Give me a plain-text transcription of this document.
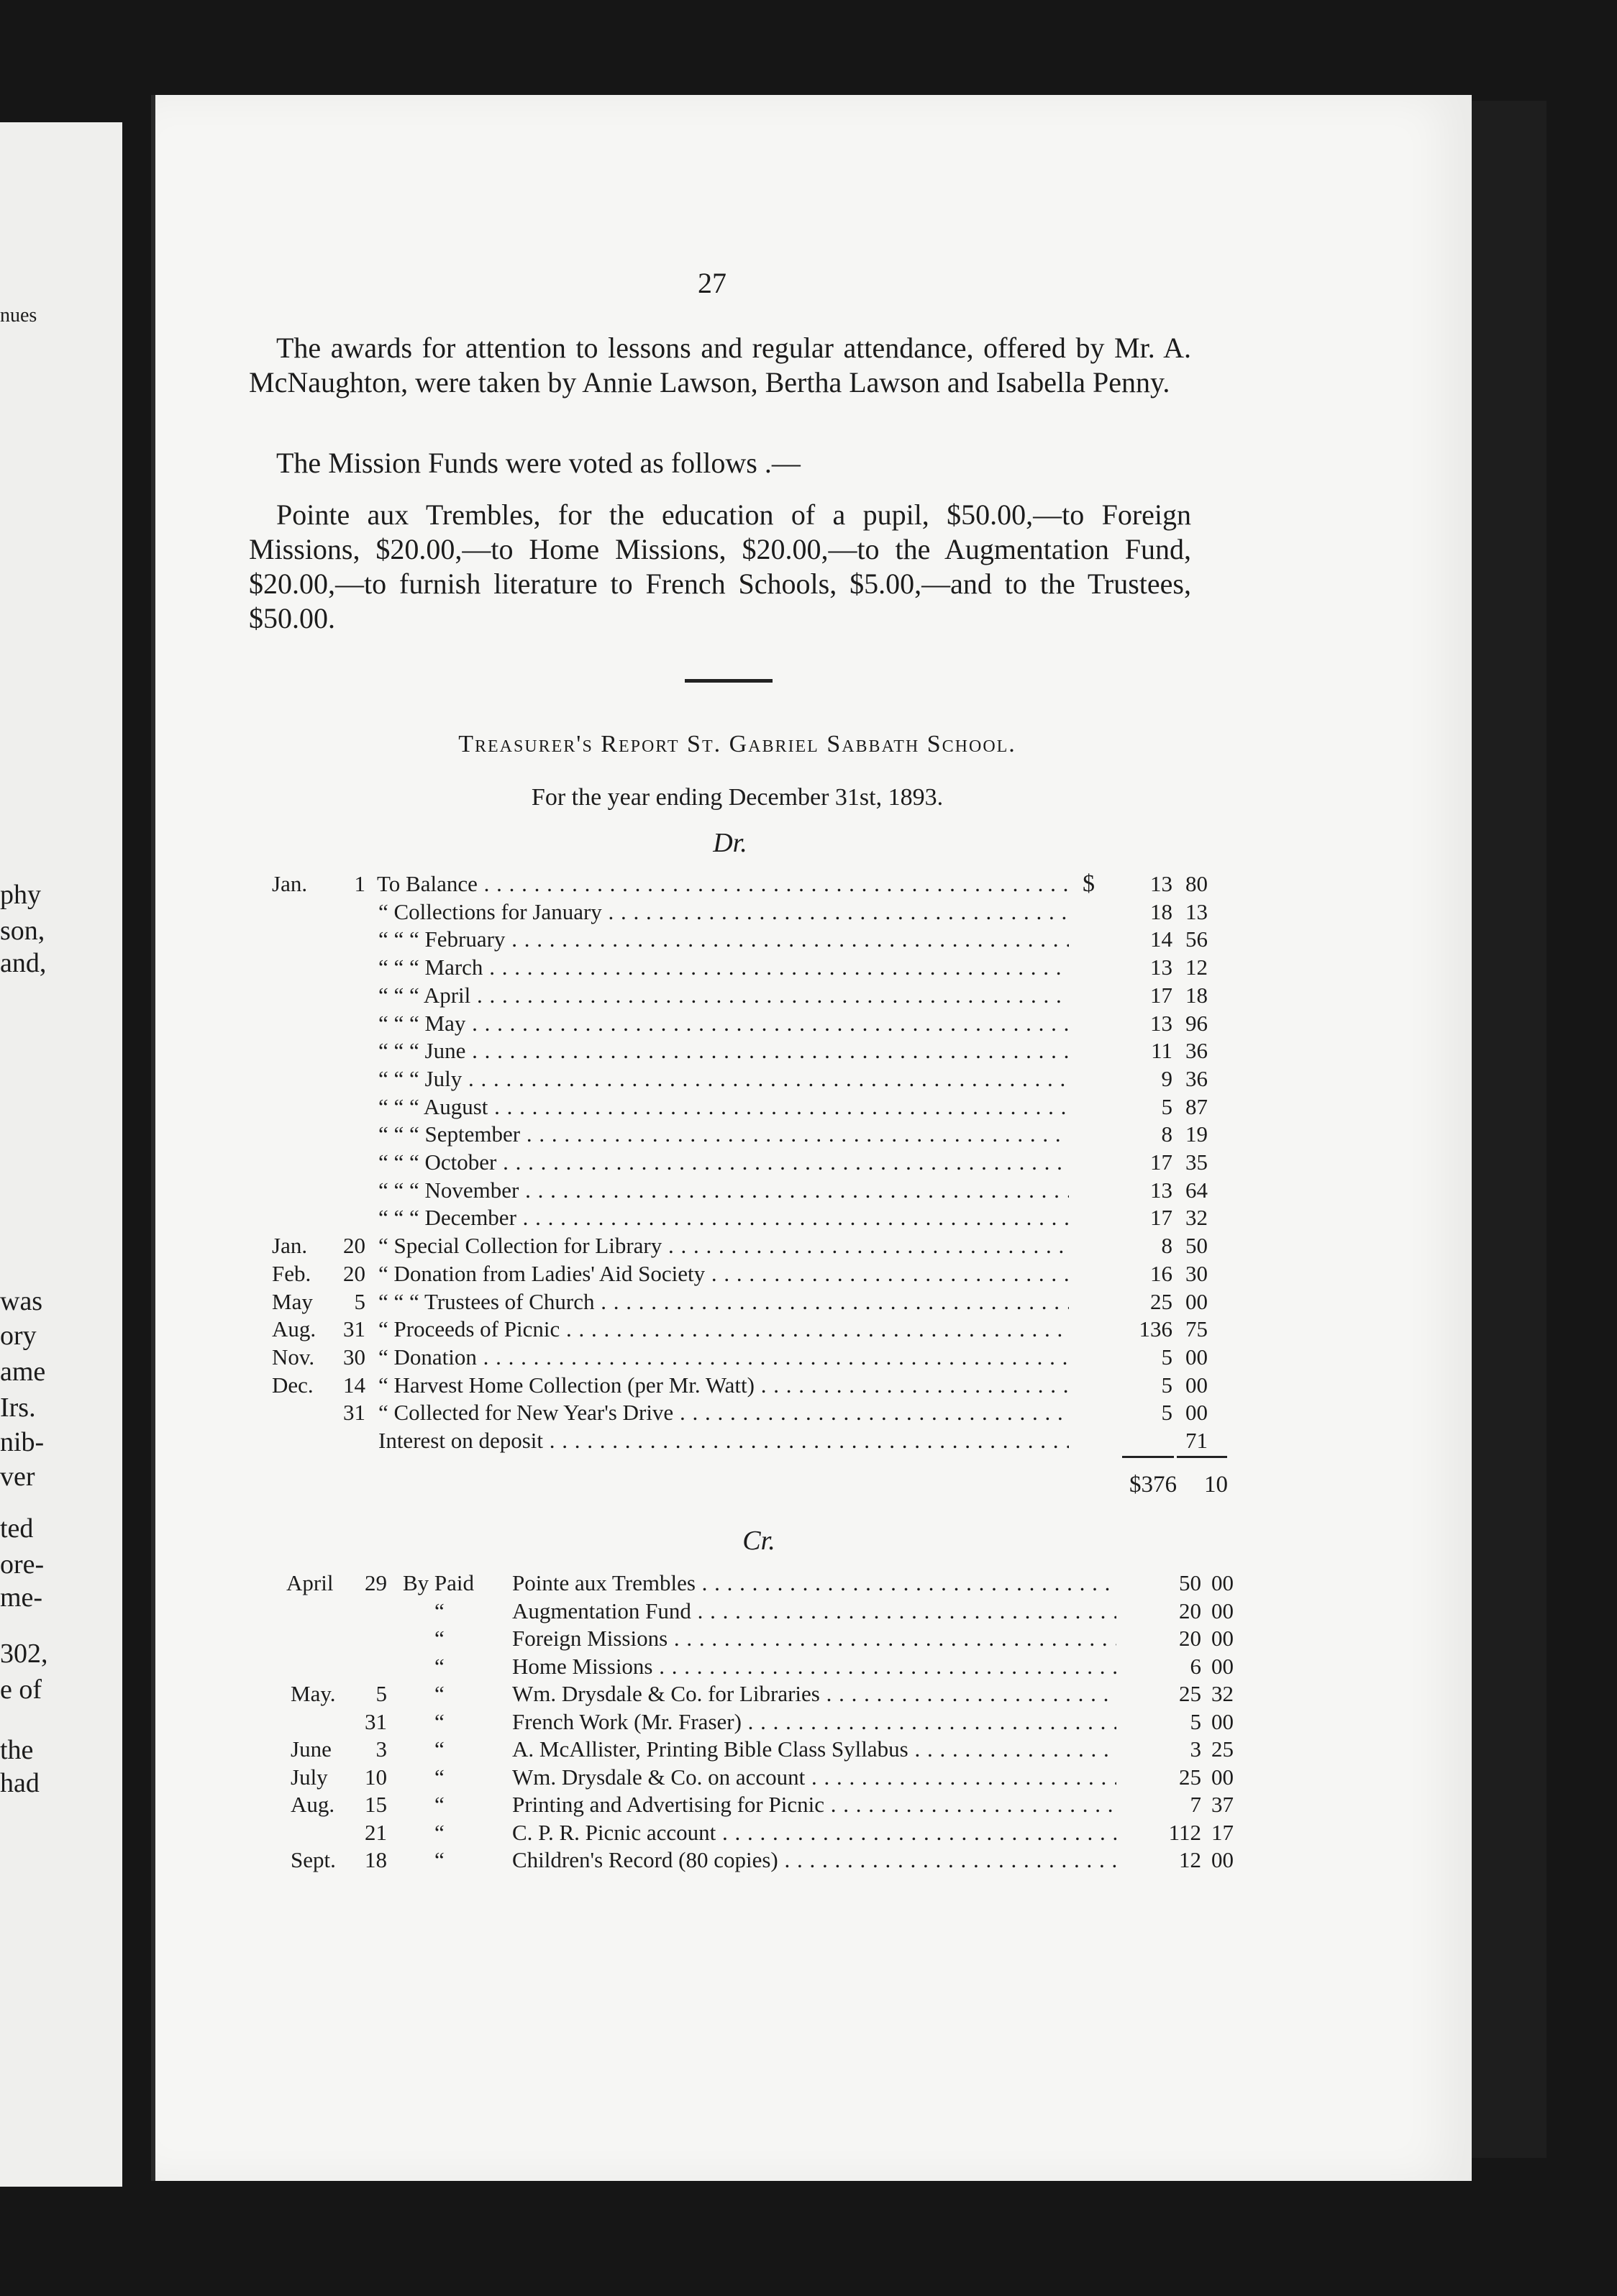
nues
phy
son,
and,
was
ory
ame
Irs.
nib-
ver
ted
ore-
me-
302,
e of
the
had
27
The awards for attention to lessons and regular attendance, offered by Mr. A. McNaughton, were taken by Annie Lawson, Bertha Lawson and Isabella Penny.
The Mission Funds were voted as follows .—
Pointe aux Trembles, for the education of a pupil, $50.00,—to Foreign Missions, $20.00,—to Home Missions, $20.00,—to the Augmentation Fund, $20.00,—to furnish literature to French Schools, $5.00,—and to the Trustees, $50.00.
Treasurer's Report St. Gabriel Sabbath School.
For the year ending December 31st, 1893.
Dr.
Jan.	1 To Balance . . .	13 80
$
“ Collections for January . . .	18 13
“ “ “ February . . .	14 56
“ “ “ March . . .	13 12
“ “ “ April . . .	17 18
“ “ “ May . . .	13 96
“ “ “ June . . .	11 36
“ “ “ July . . .	9 36
“ “ “ August . . .	5 87
“ “ “ September . . .	8 19
“ “ “ October . . .	17 35
“ “ “ November . . .	13 64
“ “ “ December . . .	17 32
Jan.	20 “ Special Collection for Library . . .	8 50
Feb.	20 “ Donation from Ladies' Aid Society . . .	16 30
May	5 “ “ “ Trustees of Church . . .	25 00
Aug.	31 “ Proceeds of Picnic . . .	136 75
Nov.	30 “ Donation . . .	5 00
Dec.	14 “ Harvest Home Collection (per Mr. Watt) . . .	5 00
31 “ Collected for New Year's Drive . . .	5 00
Interest on deposit . . .	71
$376 10
Cr.
April	29 By Paid Pointe aux Trembles . . .	50 00
“	Augmentation Fund . . .	20 00
“	Foreign Missions . . .	20 00
“	Home Missions . . .	6 00
May.	5 “	Wm. Drysdale & Co. for Libraries . . .	25 32
31 “	French Work (Mr. Fraser) . . .	5 00
June	3 “	A. McAllister, Printing Bible Class Syllabus . . .	3 25
July	10 “	Wm. Drysdale & Co. on account . . .	25 00
Aug.	15 “	Printing and Advertising for Picnic . . .	7 37
21 “	C. P. R. Picnic account . . .	112 17
Sept.	18 “	Children's Record (80 copies) . . .	12 00
